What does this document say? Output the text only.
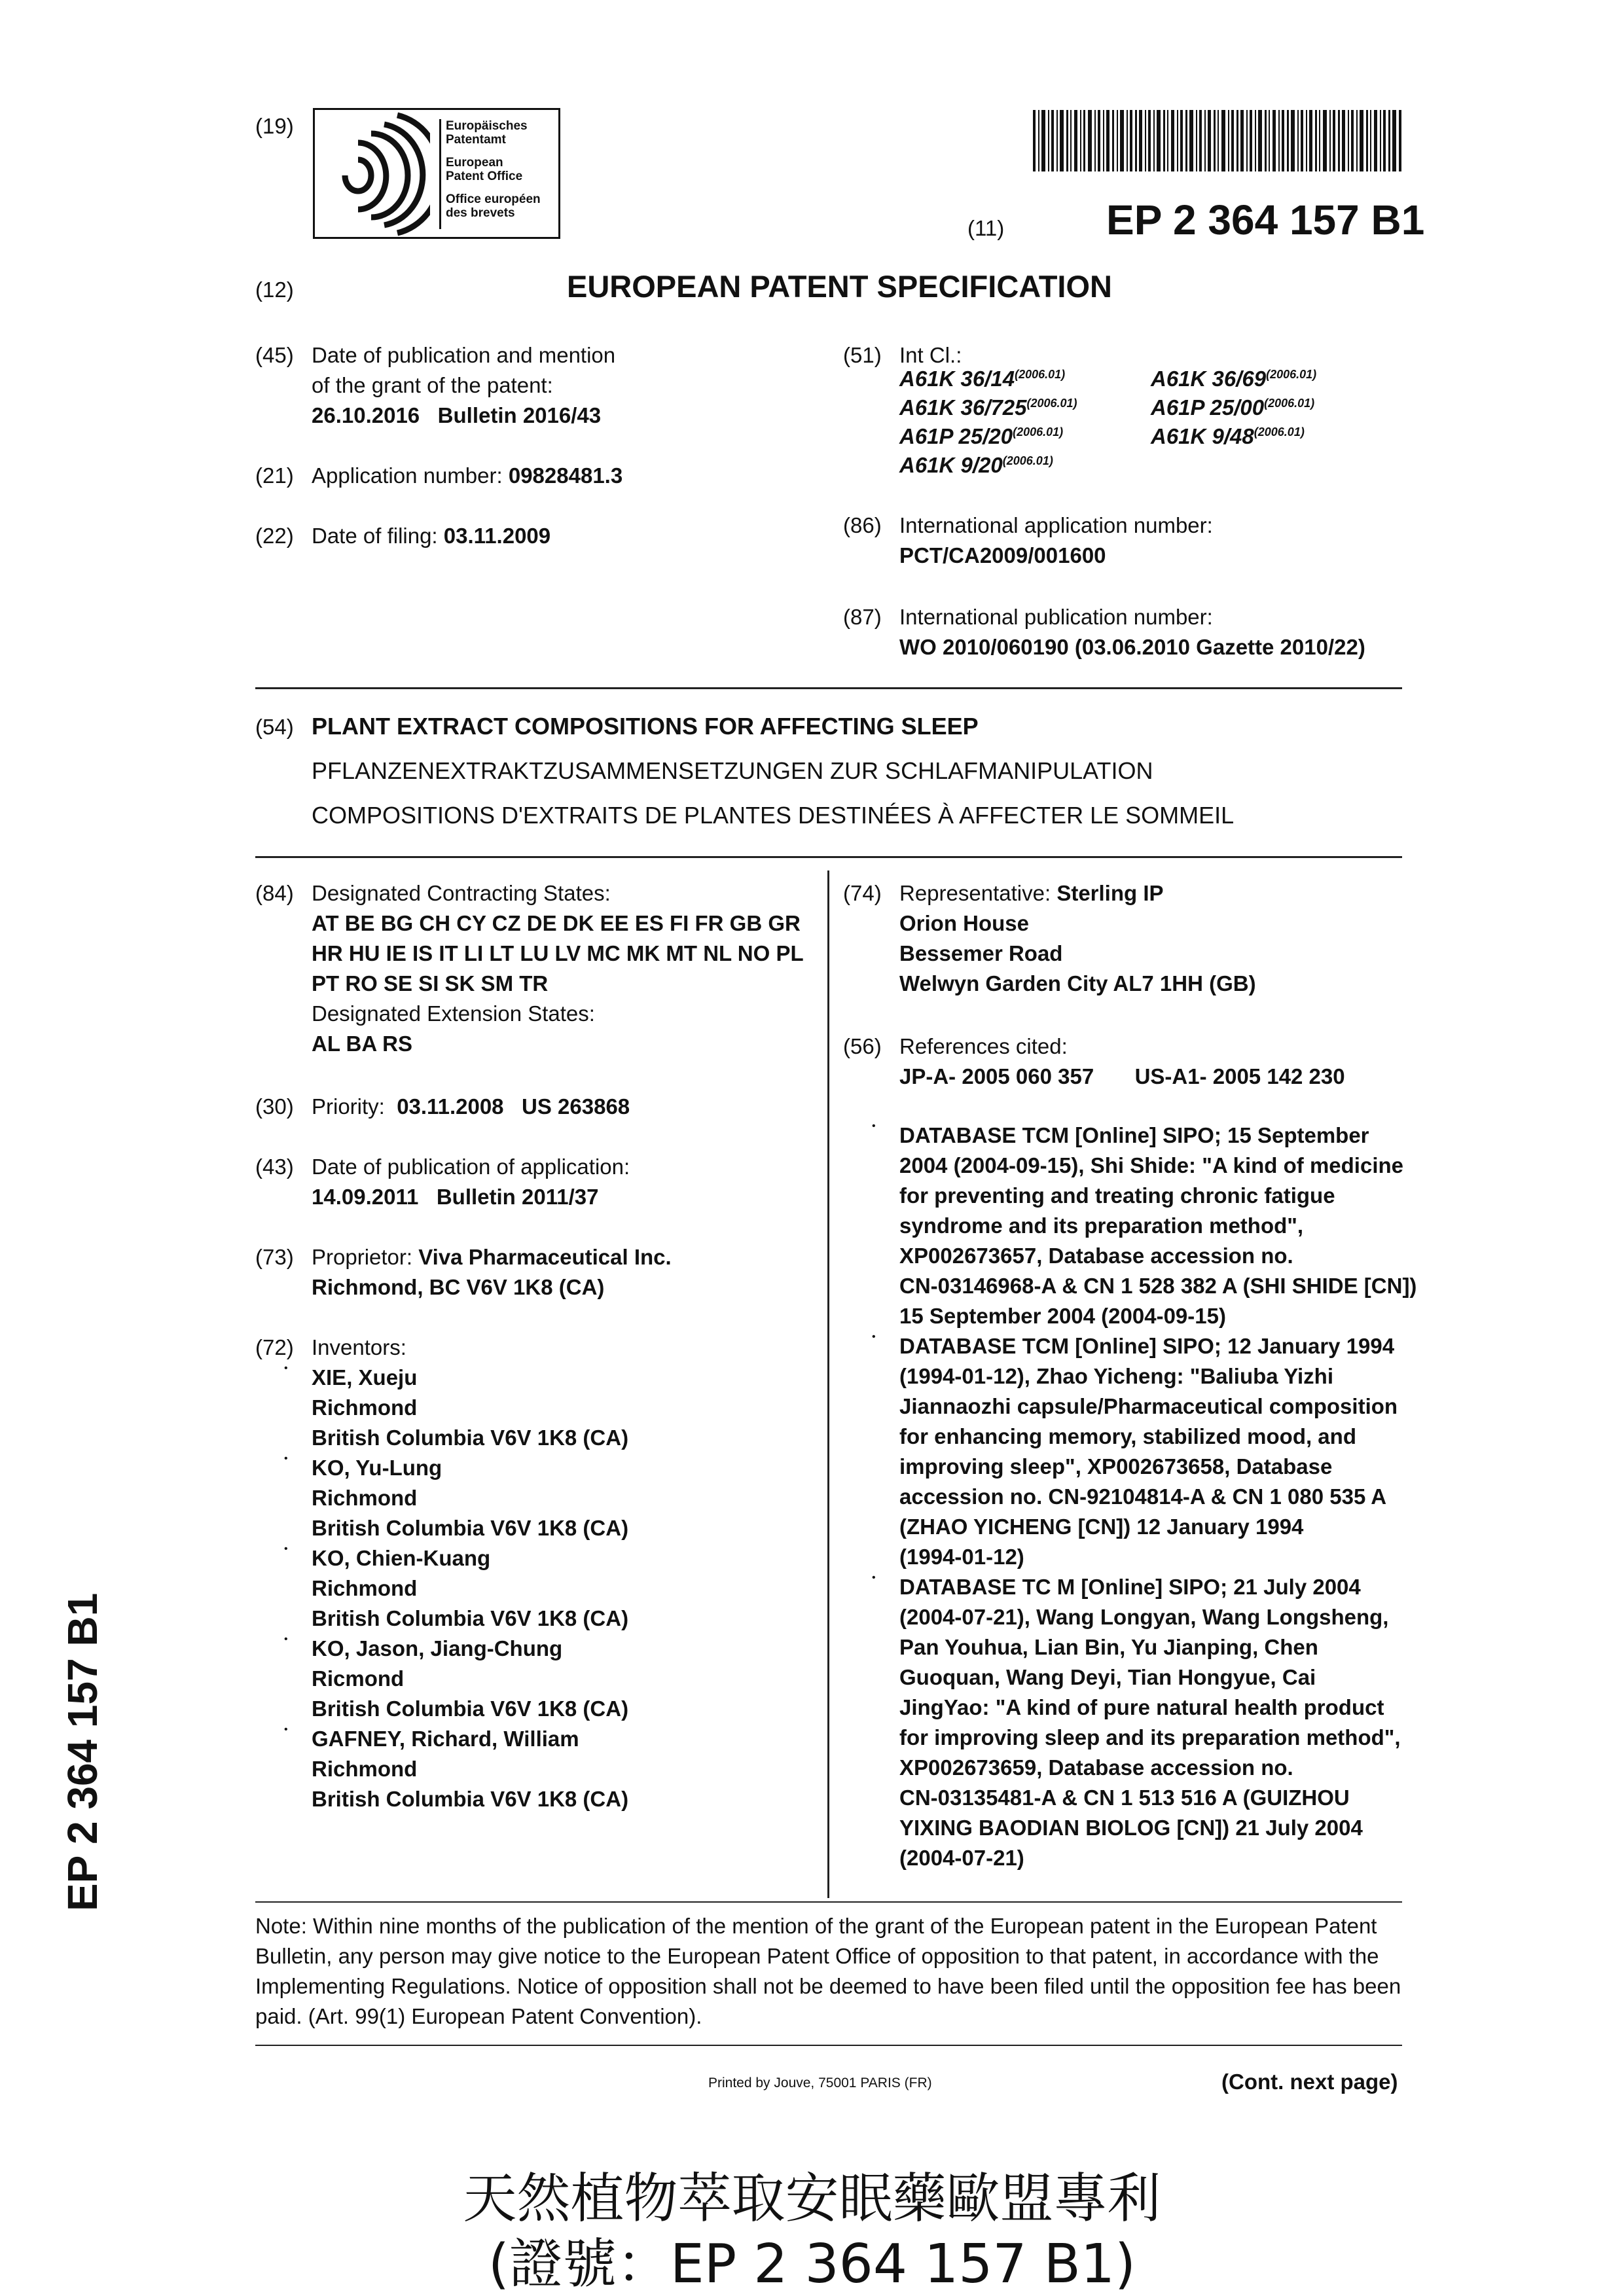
(19)	Europäisches
Patentamt
European
Patent Office
Office européen
des brevets
(11) EP 2 364 157 B1
(12)	EUROPEAN PATENT SPECIFICATION
(45) Date of publication and mention
of the grant of the patent:
26.10.2016   Bulletin 2016/43
(21) Application number: 09828481.3
(22) Date of filing: 03.11.2009
(51) Int Cl.:
A61K $36/14^{(2006.01)}$	A61K $36/69^{(2006.01)}$
A61K $36/725^{(2006.01)}$	A61P $25/00^{(2006.01)}$
A61P $25/20^{(2006.01)}$	A61K $9/48^{(2006.01)}$
A61K $9/20^{(2006.01)}$
(86) International application number:
PCT/CA2009/001600
(87) International publication number:
WO 2010/060190 (03.06.2010 Gazette 2010/22)
(54) PLANT EXTRACT COMPOSITIONS FOR AFFECTING SLEEP
PFLANZENEXTRAKTZUSAMMENSETZUNGEN ZUR SCHLAFMANIPULATION
COMPOSITIONS D'EXTRAITS DE PLANTES DESTINÉES À AFFECTER LE SOMMEIL
(84) Designated Contracting States:
AT BE BG CH CY CZ DE DK EE ES FI FR GB GR
HR HU IE IS IT LI LT LU LV MC MK MT NL NO PL
PT RO SE SI SK SM TR
Designated Extension States:
AL BA RS
(30) Priority: 03.11.2008   US 263868
(43) Date of publication of application:
14.09.2011   Bulletin 2011/37
(73) Proprietor: Viva Pharmaceutical Inc.
Richmond, BC V6V 1K8 (CA)
(72) Inventors:
• XIE, Xueju
Richmond
British Columbia V6V 1K8 (CA)
• KO, Yu-Lung
Richmond
British Columbia V6V 1K8 (CA)
• KO, Chien-Kuang
Richmond
British Columbia V6V 1K8 (CA)
• KO, Jason, Jiang-Chung
Ricmond
British Columbia V6V 1K8 (CA)
• GAFNEY, Richard, William
Richmond
British Columbia V6V 1K8 (CA)
(74) Representative: Sterling IP
Orion House
Bessemer Road
Welwyn Garden City AL7 1HH (GB)
(56) References cited:
JP-A- 2005 060 357 US-A1- 2005 142 230
• DATABASE TCM [Online] SIPO; 15 September
2004 (2004-09-15), Shi Shide: "A kind of medicine
for preventing and treating chronic fatigue
syndrome and its preparation method",
XP002673657, Database accession no.
CN-03146968-A & CN 1 528 382 A (SHI SHIDE [CN])
15 September 2004 (2004-09-15)
• DATABASE TCM [Online] SIPO; 12 January 1994
(1994-01-12), Zhao Yicheng: "Baliuba Yizhi
Jiannaozhi capsule/Pharmaceutical composition
for enhancing memory, stabilized mood, and
improving sleep", XP002673658, Database
accession no. CN-92104814-A & CN 1 080 535 A
(ZHAO YICHENG [CN]) 12 January 1994
(1994-01-12)
• DATABASE TC M [Online] SIPO; 21 July 2004
(2004-07-21), Wang Longyan, Wang Longsheng,
Pan Youhua, Lian Bin, Yu Jianping, Chen
Guoquan, Wang Deyi, Tian Hongyue, Cai
JingYao: "A kind of pure natural health product
for improving sleep and its preparation method",
XP002673659, Database accession no.
CN-03135481-A & CN 1 513 516 A (GUIZHOU
YIXING BAODIAN BIOLOG [CN]) 21 July 2004
(2004-07-21)
EP 2 364 157 B1
Note: Within nine months of the publication of the mention of the grant of the European patent in the European Patent
Bulletin, any person may give notice to the European Patent Office of opposition to that patent, in accordance with the
Implementing Regulations. Notice of opposition shall not be deemed to have been filed until the opposition fee has been
paid. (Art. 99(1) European Patent Convention).
Printed by Jouve, 75001 PARIS (FR)	(Cont. next page)
天然植物萃取安眠藥歐盟專利
(證號：EP 2 364 157 B1)
